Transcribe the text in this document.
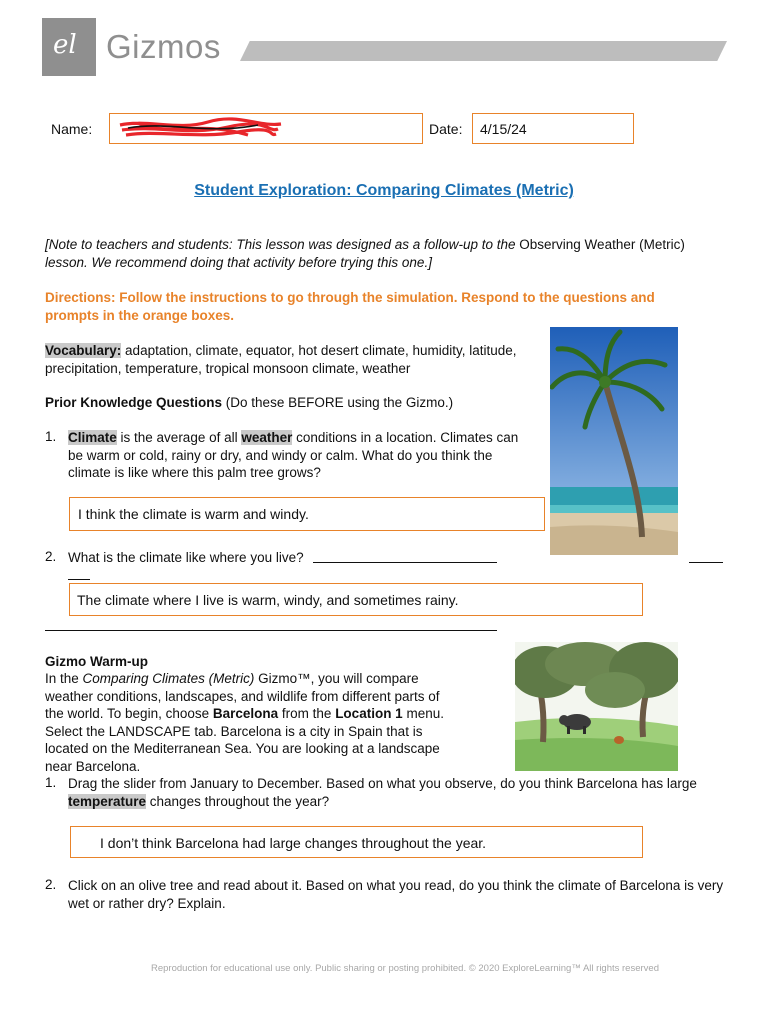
el Gizmos
Name:	Date: 4/15/24
Student Exploration: Comparing Climates (Metric)
[Note to teachers and students: This lesson was designed as a follow-up to the Observing Weather (Metric)
lesson. We recommend doing that activity before trying this one.]
Directions: Follow the instructions to go through the simulation. Respond to the questions and prompts in the orange boxes.
Vocabulary: adaptation, climate, equator, hot desert climate, humidity, latitude, precipitation, temperature, tropical monsoon climate, weather
Prior Knowledge Questions (Do these BEFORE using the Gizmo.)
1. Climate is the average of all weather conditions in a location. Climates can be warm or cold, rainy or dry, and windy or calm. What do you think the climate is like where this palm tree grows?
I think the climate is warm and windy.
2. What is the climate like where you live?
The climate where I live is warm, windy, and sometimes rainy.
Gizmo Warm-up
In the Comparing Climates (Metric) Gizmo™, you will compare weather conditions, landscapes, and wildlife from different parts of the world. To begin, choose Barcelona from the Location 1 menu. Select the LANDSCAPE tab. Barcelona is a city in Spain that is located on the Mediterranean Sea. You are looking at a landscape near Barcelona.
1. Drag the slider from January to December. Based on what you observe, do you think Barcelona has large temperature changes throughout the year?
I don’t think Barcelona had large changes throughout the year.
2. Click on an olive tree and read about it. Based on what you read, do you think the climate of Barcelona is very wet or rather dry? Explain.
Reproduction for educational use only. Public sharing or posting prohibited. © 2020 ExploreLearning™ All rights reserved
